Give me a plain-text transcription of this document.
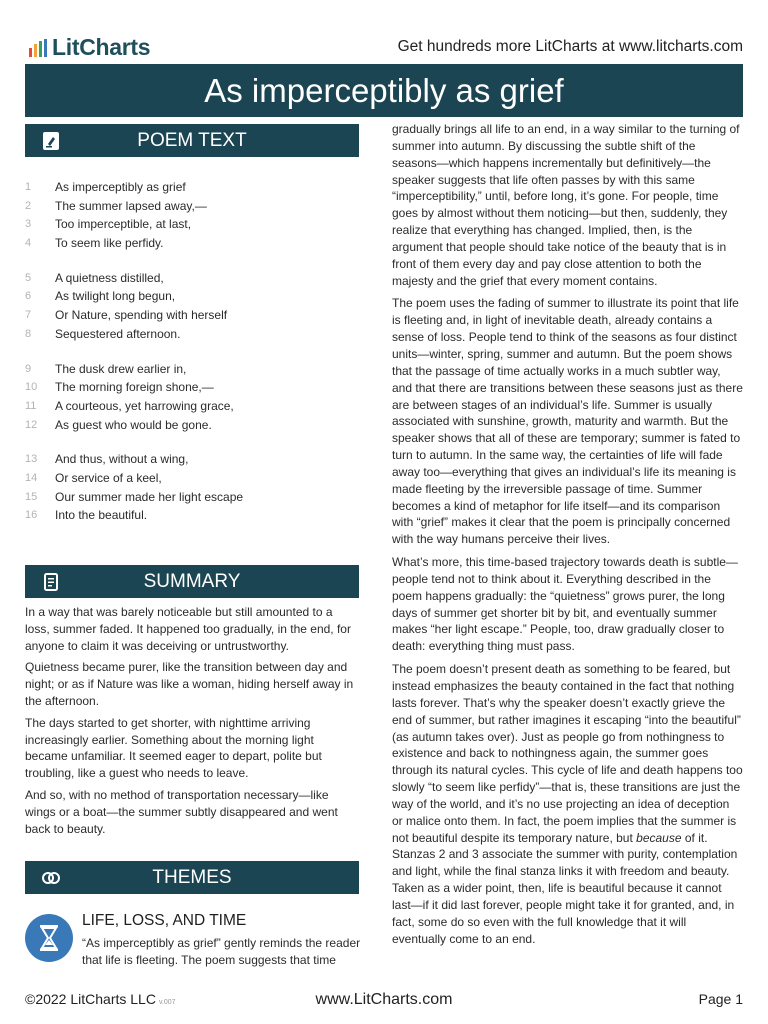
LitCharts	Get hundreds more LitCharts at www.litcharts.com
As imperceptibly as grief
POEM TEXT
1	As imperceptibly as grief
2	The summer lapsed away,—
3	Too imperceptible, at last,
4	To seem like perfidy.
5	A quietness distilled,
6	As twilight long begun,
7	Or Nature, spending with herself
8	Sequestered afternoon.
9	The dusk drew earlier in,
10	The morning foreign shone,—
11	A courteous, yet harrowing grace,
12	As guest who would be gone.
13	And thus, without a wing,
14	Or service of a keel,
15	Our summer made her light escape
16	Into the beautiful.
SUMMARY

In a way that was barely noticeable but still amounted to a loss, summer faded. It happened too gradually, in the end, for anyone to claim it was deceiving or untrustworthy.

Quietness became purer, like the transition between day and night; or as if Nature was like a woman, hiding herself away in the afternoon.

The days started to get shorter, with nighttime arriving increasingly earlier. Something about the morning light became unfamiliar. It seemed eager to depart, polite but troubling, like a guest who needs to leave.

And so, with no method of transportation necessary—like wings or a boat—the summer subtly disappeared and went back to beauty.

THEMES
LIFE, LOSS, AND TIME
“As imperceptibly as grief” gently reminds the reader that life is fleeting. The poem suggests that time

gradually brings all life to an end, in a way similar to the turning of summer into autumn. By discussing the subtle shift of the seasons—which happens incrementally but definitively—the speaker suggests that life often passes by with this same “imperceptibility,” until, before long, it’s gone. For people, time goes by almost without them noticing—but then, suddenly, they realize that everything has changed. Implied, then, is the argument that people should take notice of the beauty that is in front of them every day and pay close attention to both the majesty and the grief that every moment contains.

The poem uses the fading of summer to illustrate its point that life is fleeting and, in light of inevitable death, already contains a sense of loss. People tend to think of the seasons as four distinct units—winter, spring, summer and autumn. But the poem shows that the passage of time actually works in a much subtler way, and that there are transitions between these seasons just as there are between stages of an individual’s life. Summer is usually associated with sunshine, growth, maturity and warmth. But the speaker shows that all of these are temporary; summer is fated to turn to autumn. In the same way, the certainties of life will fade away too—everything that gives an individual’s life its meaning is made fleeting by the irreversible passage of time. Summer becomes a kind of metaphor for life itself—and its comparison with “grief” makes it clear that the poem is principally concerned with the way humans perceive their lives.

What’s more, this time-based trajectory towards death is subtle—people tend not to think about it. Everything described in the poem happens gradually: the “quietness” grows purer, the long days of summer get shorter bit by bit, and eventually summer makes “her light escape.” People, too, draw gradually closer to death: everything thing must pass.

The poem doesn’t present death as something to be feared, but instead emphasizes the beauty contained in the fact that nothing lasts forever. That’s why the speaker doesn’t exactly grieve the end of summer, but rather imagines it escaping “into the beautiful” (as autumn takes over). Just as people go from nothingness to existence and back to nothingness again, the summer goes through its natural cycles. This cycle of life and death happens too slowly “to seem like perfidy”—that is, these transitions are just the way of the world, and it’s no use projecting an idea of deception or malice onto them. In fact, the poem implies that the summer is not beautiful despite its temporary nature, but because of it. Stanzas 2 and 3 associate the summer with purity, contemplation and light, while the final stanza links it with freedom and beauty. Taken as a wider point, then, life is beautiful because it cannot last—if it did last forever, people might take it for granted, and, in fact, some do so even with the full knowledge that it will eventually come to an end.

©2022 LitCharts LLC v.007	www.LitCharts.com	Page 1
